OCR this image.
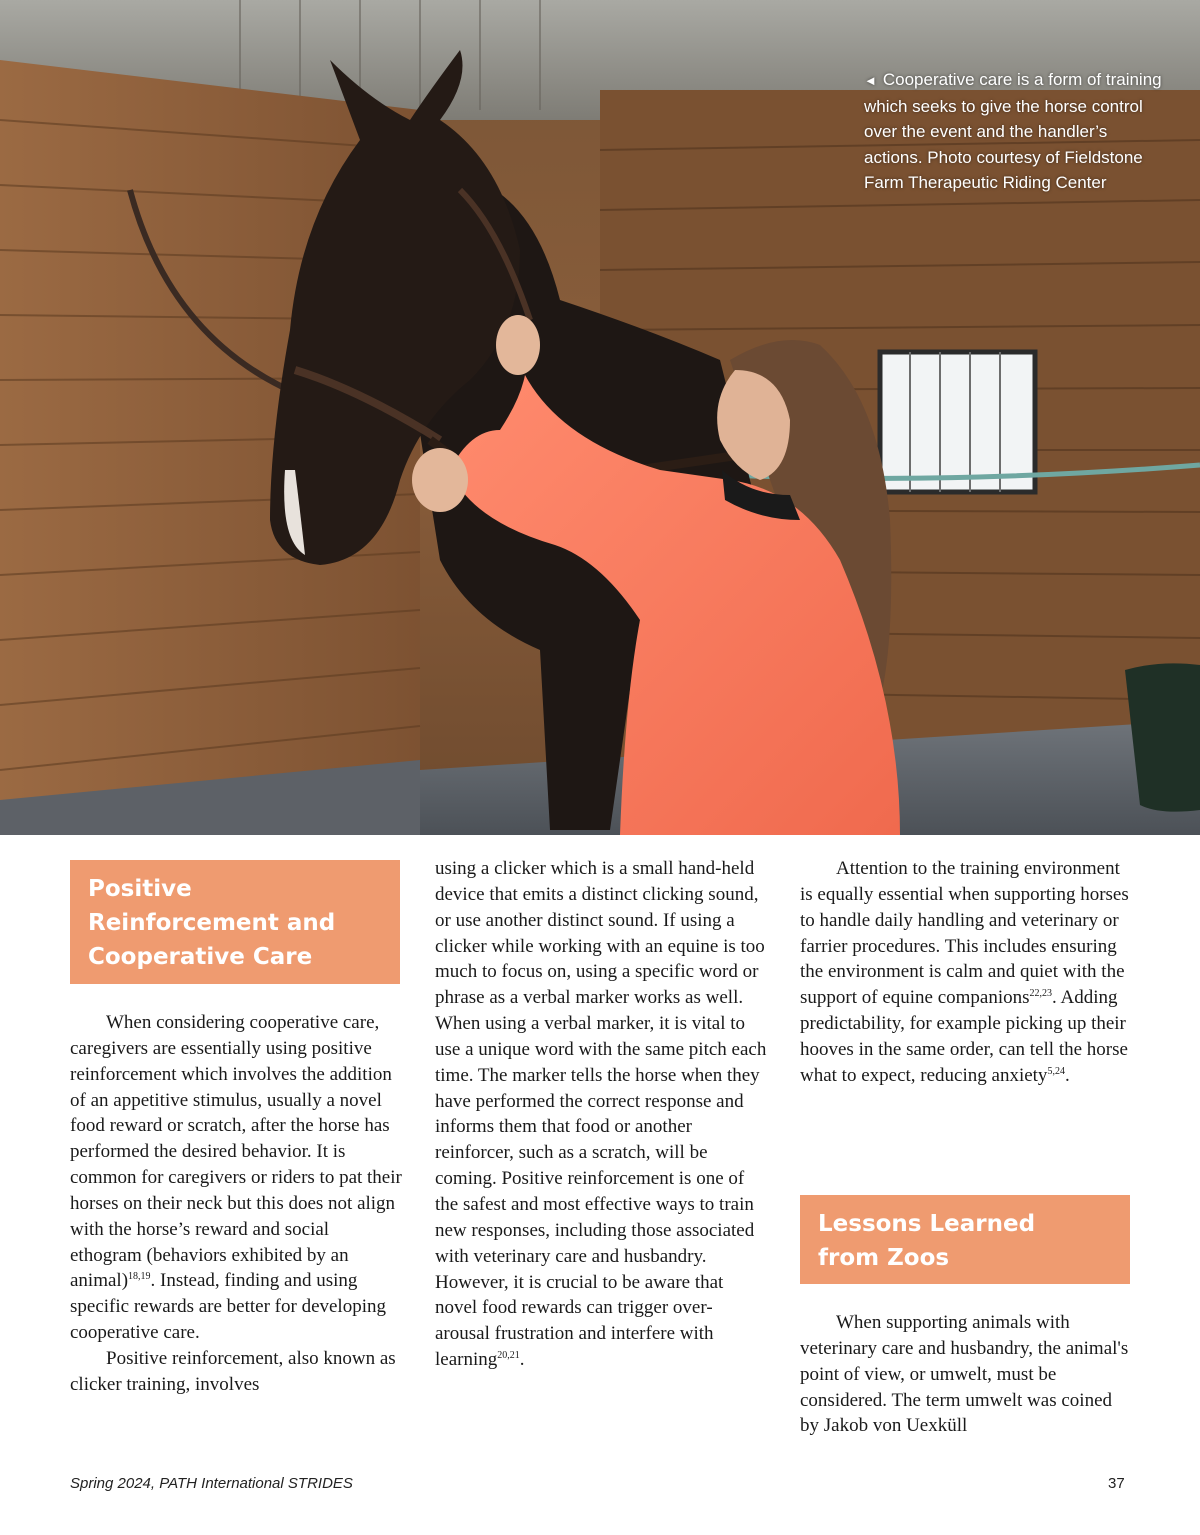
◄ Cooperative care is a form of training which seeks to give the horse control over the event and the handler’s actions. Photo courtesy of Fieldstone Farm Therapeutic Riding Center
Positive
Reinforcement and
Cooperative Care

When considering cooperative care, caregivers are essentially using positive reinforcement which involves the addition of an appetitive stimulus, usually a novel food reward or scratch, after the horse has performed the desired behavior. It is common for caregivers or riders to pat their horses on their neck but this does not align with the horse’s reward and social ethogram (behaviors exhibited by an animal)$^{18,19}$. Instead, finding and using specific rewards are better for developing cooperative care.

Positive reinforcement, also known as clicker training, involves

using a clicker which is a small hand-held device that emits a distinct clicking sound, or use another distinct sound. If using a clicker while working with an equine is too much to focus on, using a specific word or phrase as a verbal marker works as well. When using a verbal marker, it is vital to use a unique word with the same pitch each time. The marker tells the horse when they have performed the correct response and informs them that food or another reinforcer, such as a scratch, will be coming. Positive reinforcement is one of the safest and most effective ways to train new responses, including those associated with veterinary care and husbandry. However, it is crucial to be aware that novel food rewards can trigger over-arousal frustration and interfere with learning$^{20,21}$.

Attention to the training environment is equally essential when supporting horses to handle daily handling and veterinary or farrier procedures. This includes ensuring the environment is calm and quiet with the support of equine companions$^{22,23}$. Adding predictability, for example picking up their hooves in the same order, can tell the horse what to expect, reducing anxiety$^{5,24}$.

Lessons Learned
from Zoos

When supporting animals with veterinary care and husbandry, the animal's point of view, or umwelt, must be considered. The term umwelt was coined by Jakob von Uexküll

Spring 2024, PATH International STRIDES	37
